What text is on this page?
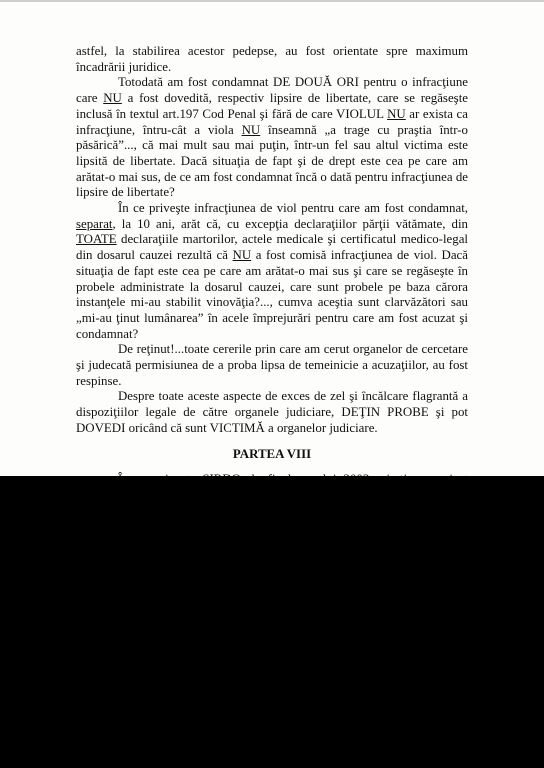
astfel, la stabilirea acestor pedepse, au fost orientate spre maximum încadrării juridice.

Totodată am fost condamnat DE DOUĂ ORI pentru o infracţiune care NU a fost dovedită, respectiv lipsire de libertate, care se regăseşte inclusă în textul art.197 Cod Penal şi fără de care VIOLUL NU ar exista ca infracţiune, întru-cât a viola NU înseamnă „a trage cu praştia într-o păsărică”..., că mai mult sau mai puţin, într-un fel sau altul victima este lipsită de libertate. Dacă situaţia de fapt şi de drept este cea pe care am arătat-o mai sus, de ce am fost condamnat încă o dată pentru infracţiunea de lipsire de libertate?

În ce priveşte infracţiunea de viol pentru care am fost condamnat, separat, la 10 ani, arăt că, cu excepţia declaraţiilor părţii vătămate, din TOATE declaraţiile martorilor, actele medicale şi certificatul medico-legal din dosarul cauzei rezultă că NU a fost comisă infracţiunea de viol. Dacă situaţia de fapt este cea pe care am arătat-o mai sus şi care se regăseşte în probele administrate la dosarul cauzei, care sunt probele pe baza cărora instanţele mi-au stabilit vinovăţia?..., cumva aceştia sunt clarvăzători sau „mi-au ţinut lumânarea” în acele împrejurări pentru care am fost acuzat şi condamnat?

De reţinut!...toate cererile prin care am cerut organelor de cercetare şi judecată permisiunea de a proba lipsa de temeinicie a acuzaţiilor, au fost respinse.

Despre toate aceste aspecte de exces de zel şi încălcare flagrantă a dispoziţiilor legale de către organele judiciare, DEŢIN PROBE şi pot DOVEDI oricând că sunt VICTIMĂ a organelor judiciare.

PARTEA VIII
